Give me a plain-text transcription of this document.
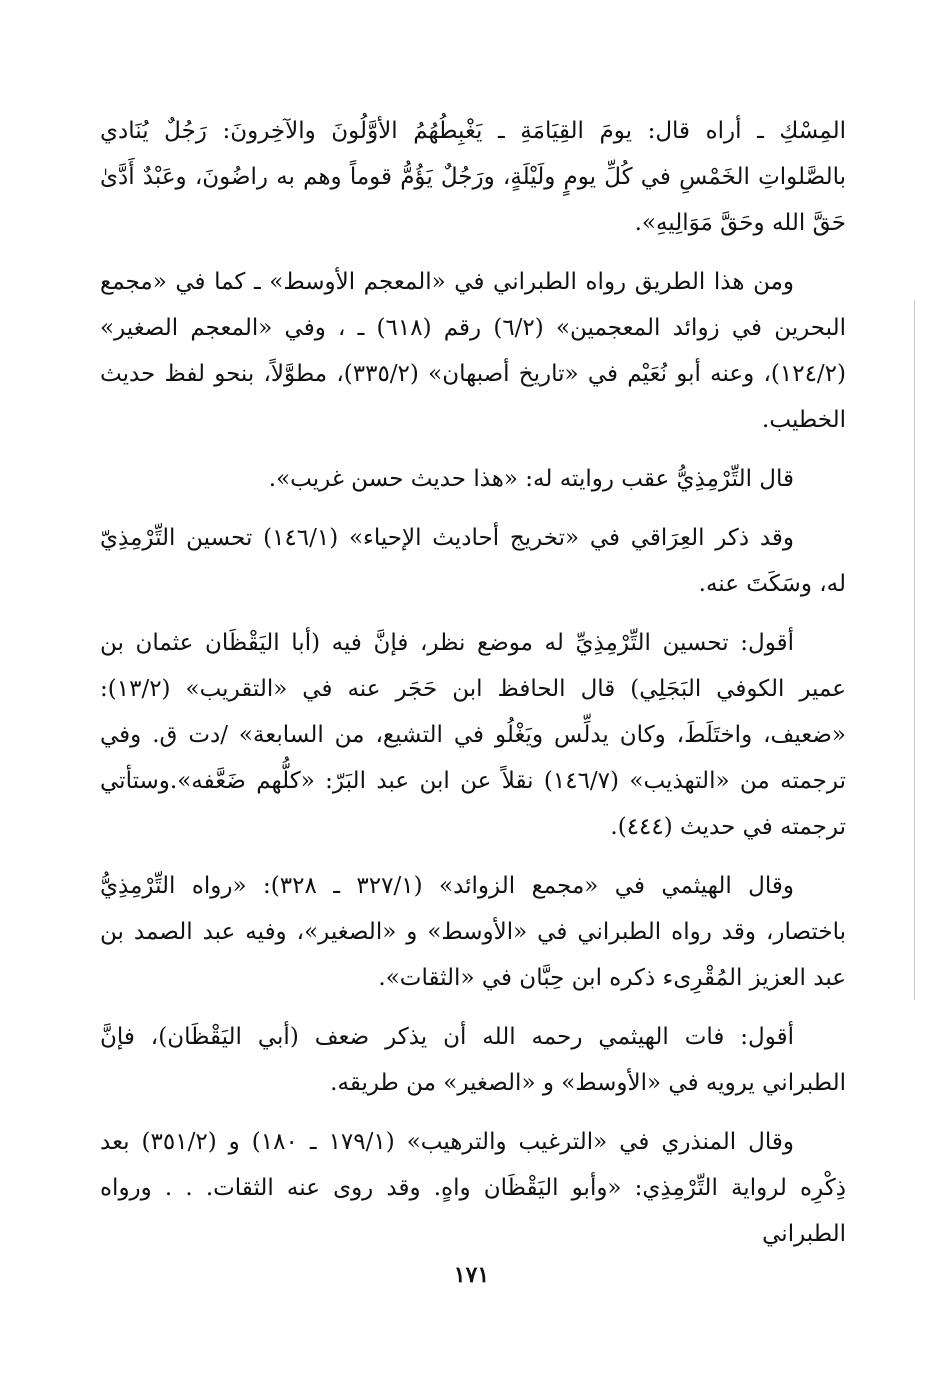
المِسْكِ ـ أراه قال: يومَ القِيَامَةِ ـ يَغْبِطُهُمُ الأوَّلُونَ والآخِرونَ: رَجُلٌ يُنَادي بالصَّلواتِ الخَمْسِ في كُلِّ يومٍ ولَيْلَةٍ، ورَجُلٌ يَؤُمُّ قوماً وهم به راضُونَ، وعَبْدٌ أَدَّىٰ حَقَّ الله وحَقَّ مَوَالِيهِ».

ومن هذا الطريق رواه الطبراني في «المعجم الأوسط» ـ كما في «مجمع البحرين في زوائد المعجمين» (٦/٢) رقم (٦١٨) ـ ، وفي «المعجم الصغير» (١٢٤/٢)، وعنه أبو نُعَيْم في «تاريخ أصبهان» (٣٣٥/٢)، مطوَّلاً، بنحو لفظ حديث الخطيب.

قال التِّرْمِذِيُّ عقب روايته له: «هذا حديث حسن غريب».

وقد ذكر العِرَاقي في «تخريج أحاديث الإحياء» (١٤٦/١) تحسين التِّرْمِذِيّ له، وسَكَتَ عنه.

أقول: تحسين التِّرْمِذِيِّ له موضع نظر، فإنَّ فيه (أبا اليَقْظَان عثمان بن عمير الكوفي البَجَلِي) قال الحافظ ابن حَجَر عنه في «التقريب» (١٣/٢): «ضعيف، واختَلَطَ، وكان يدلِّس ويَغْلُو في التشيع، من السابعة» /دت ق. وفي ترجمته من «التهذيب» (١٤٦/٧) نقلاً عن ابن عبد البَرّ: «كلُّهم ضَعَّفه».وستأتي ترجمته في حديث (٤٤٤).

وقال الهيثمي في «مجمع الزوائد» (٣٢٧/١ ـ ٣٢٨): «رواه التِّرْمِذِيُّ باختصار، وقد رواه الطبراني في «الأوسط» و «الصغير»، وفيه عبد الصمد بن عبد العزيز المُقْرِىء ذكره ابن حِبَّان في «الثقات».

أقول: فات الهيثمي رحمه الله أن يذكر ضعف (أبي اليَقْظَان)، فإنَّ الطبراني يرويه في «الأوسط» و «الصغير» من طريقه.

وقال المنذري في «الترغيب والترهيب» (١٧٩/١ ـ ١٨٠) و (٣٥١/٢) بعد ذِكْرِه لرواية التِّرْمِذِي: «وأبو اليَقْظَان واهٍ. وقد روى عنه الثقات. . . ورواه الطبراني

١٧١
